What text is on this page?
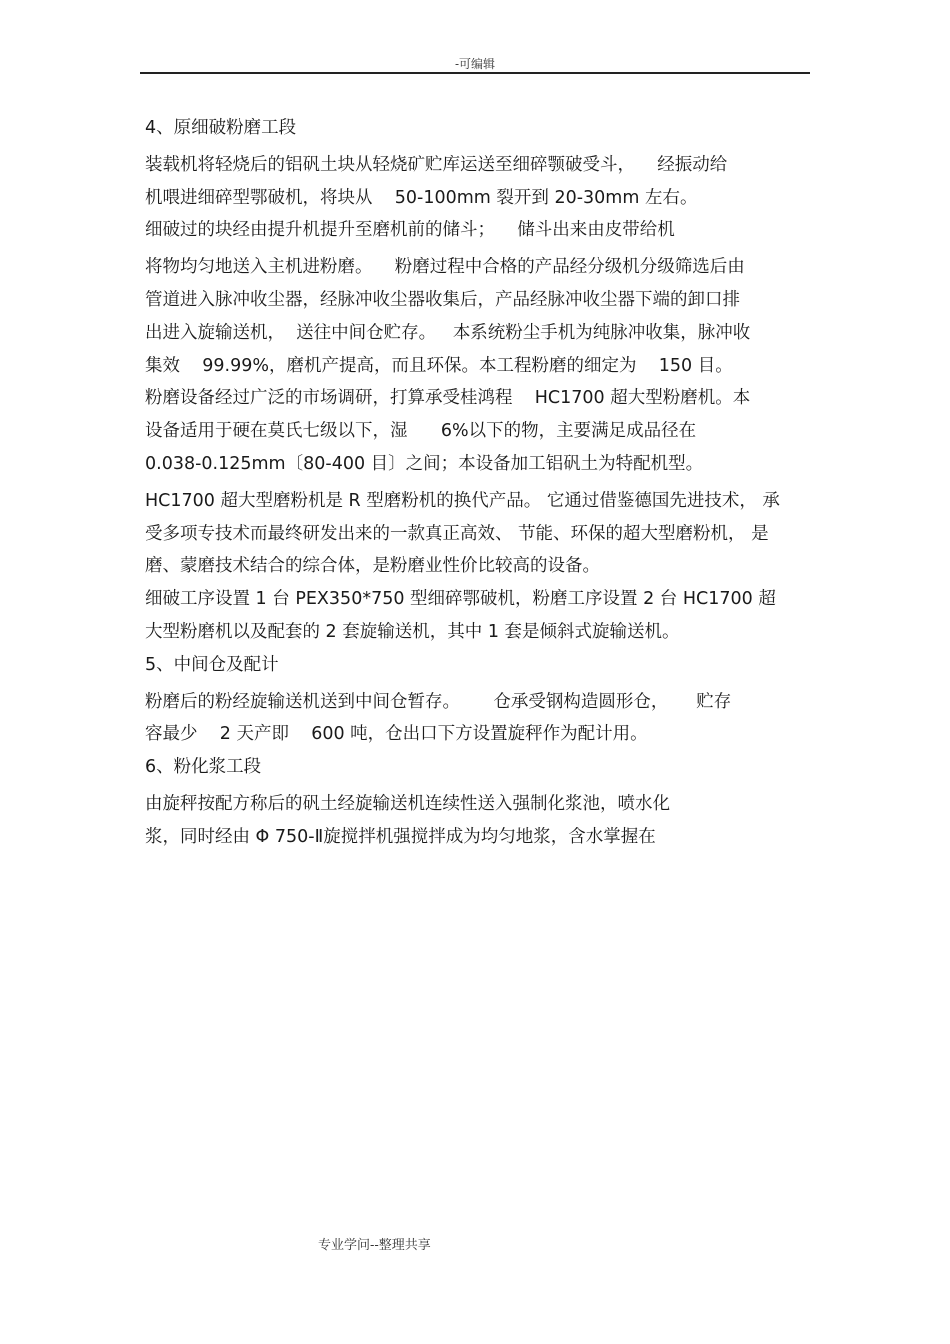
-可编辑
4、原细破粉磨工段
装载机将轻烧后的铝矾土块从轻烧矿贮库运送至细碎颚破受斗，    经振动给
机喂进细碎型鄂破机，将块从    50-100mm 裂开到 20-30mm 左右。
细破过的块经由提升机提升至磨机前的储斗；    储斗出来由皮带给机
将物均匀地送入主机进粉磨。    粉磨过程中合格的产品经分级机分级筛选后由
管道进入脉冲收尘器，经脉冲收尘器收集后，产品经脉冲收尘器下端的卸口排
出进入旋输送机，  送往中间仓贮存。   本系统粉尘手机为纯脉冲收集，脉冲收
集效    99.99%，磨机产提高，而且环保。本工程粉磨的细定为    150 目。
粉磨设备经过广泛的市场调研，打算承受桂鸿程    HC1700 超大型粉磨机。本
设备适用于硬在莫氏七级以下，湿      6%以下的物，主要满足成品径在
0.038-0.125mm〔80-400 目〕之间；本设备加工铝矾土为特配机型。
HC1700 超大型磨粉机是 R 型磨粉机的换代产品。 它通过借鉴德国先进技术， 承
受多项专技术而最终研发出来的一款真正高效、 节能、环保的超大型磨粉机， 是
磨、蒙磨技术结合的综合体，是粉磨业性价比较高的设备。
细破工序设置 1 台 PEX350*750 型细碎鄂破机，粉磨工序设置 2 台 HC1700 超
大型粉磨机以及配套的 2 套旋输送机，其中 1 套是倾斜式旋输送机。
5、中间仓及配计
粉磨后的粉经旋输送机送到中间仓暂存。      仓承受钢构造圆形仓，     贮存
容最少    2 天产即    600 吨，仓出口下方设置旋秤作为配计用。
6、粉化浆工段
由旋秤按配方称后的矾土经旋输送机连续性送入强制化浆池，喷水化
浆，同时经由 Φ 750-Ⅱ旋搅拌机强搅拌成为均匀地浆，含水掌握在
专业学问--整理共享
